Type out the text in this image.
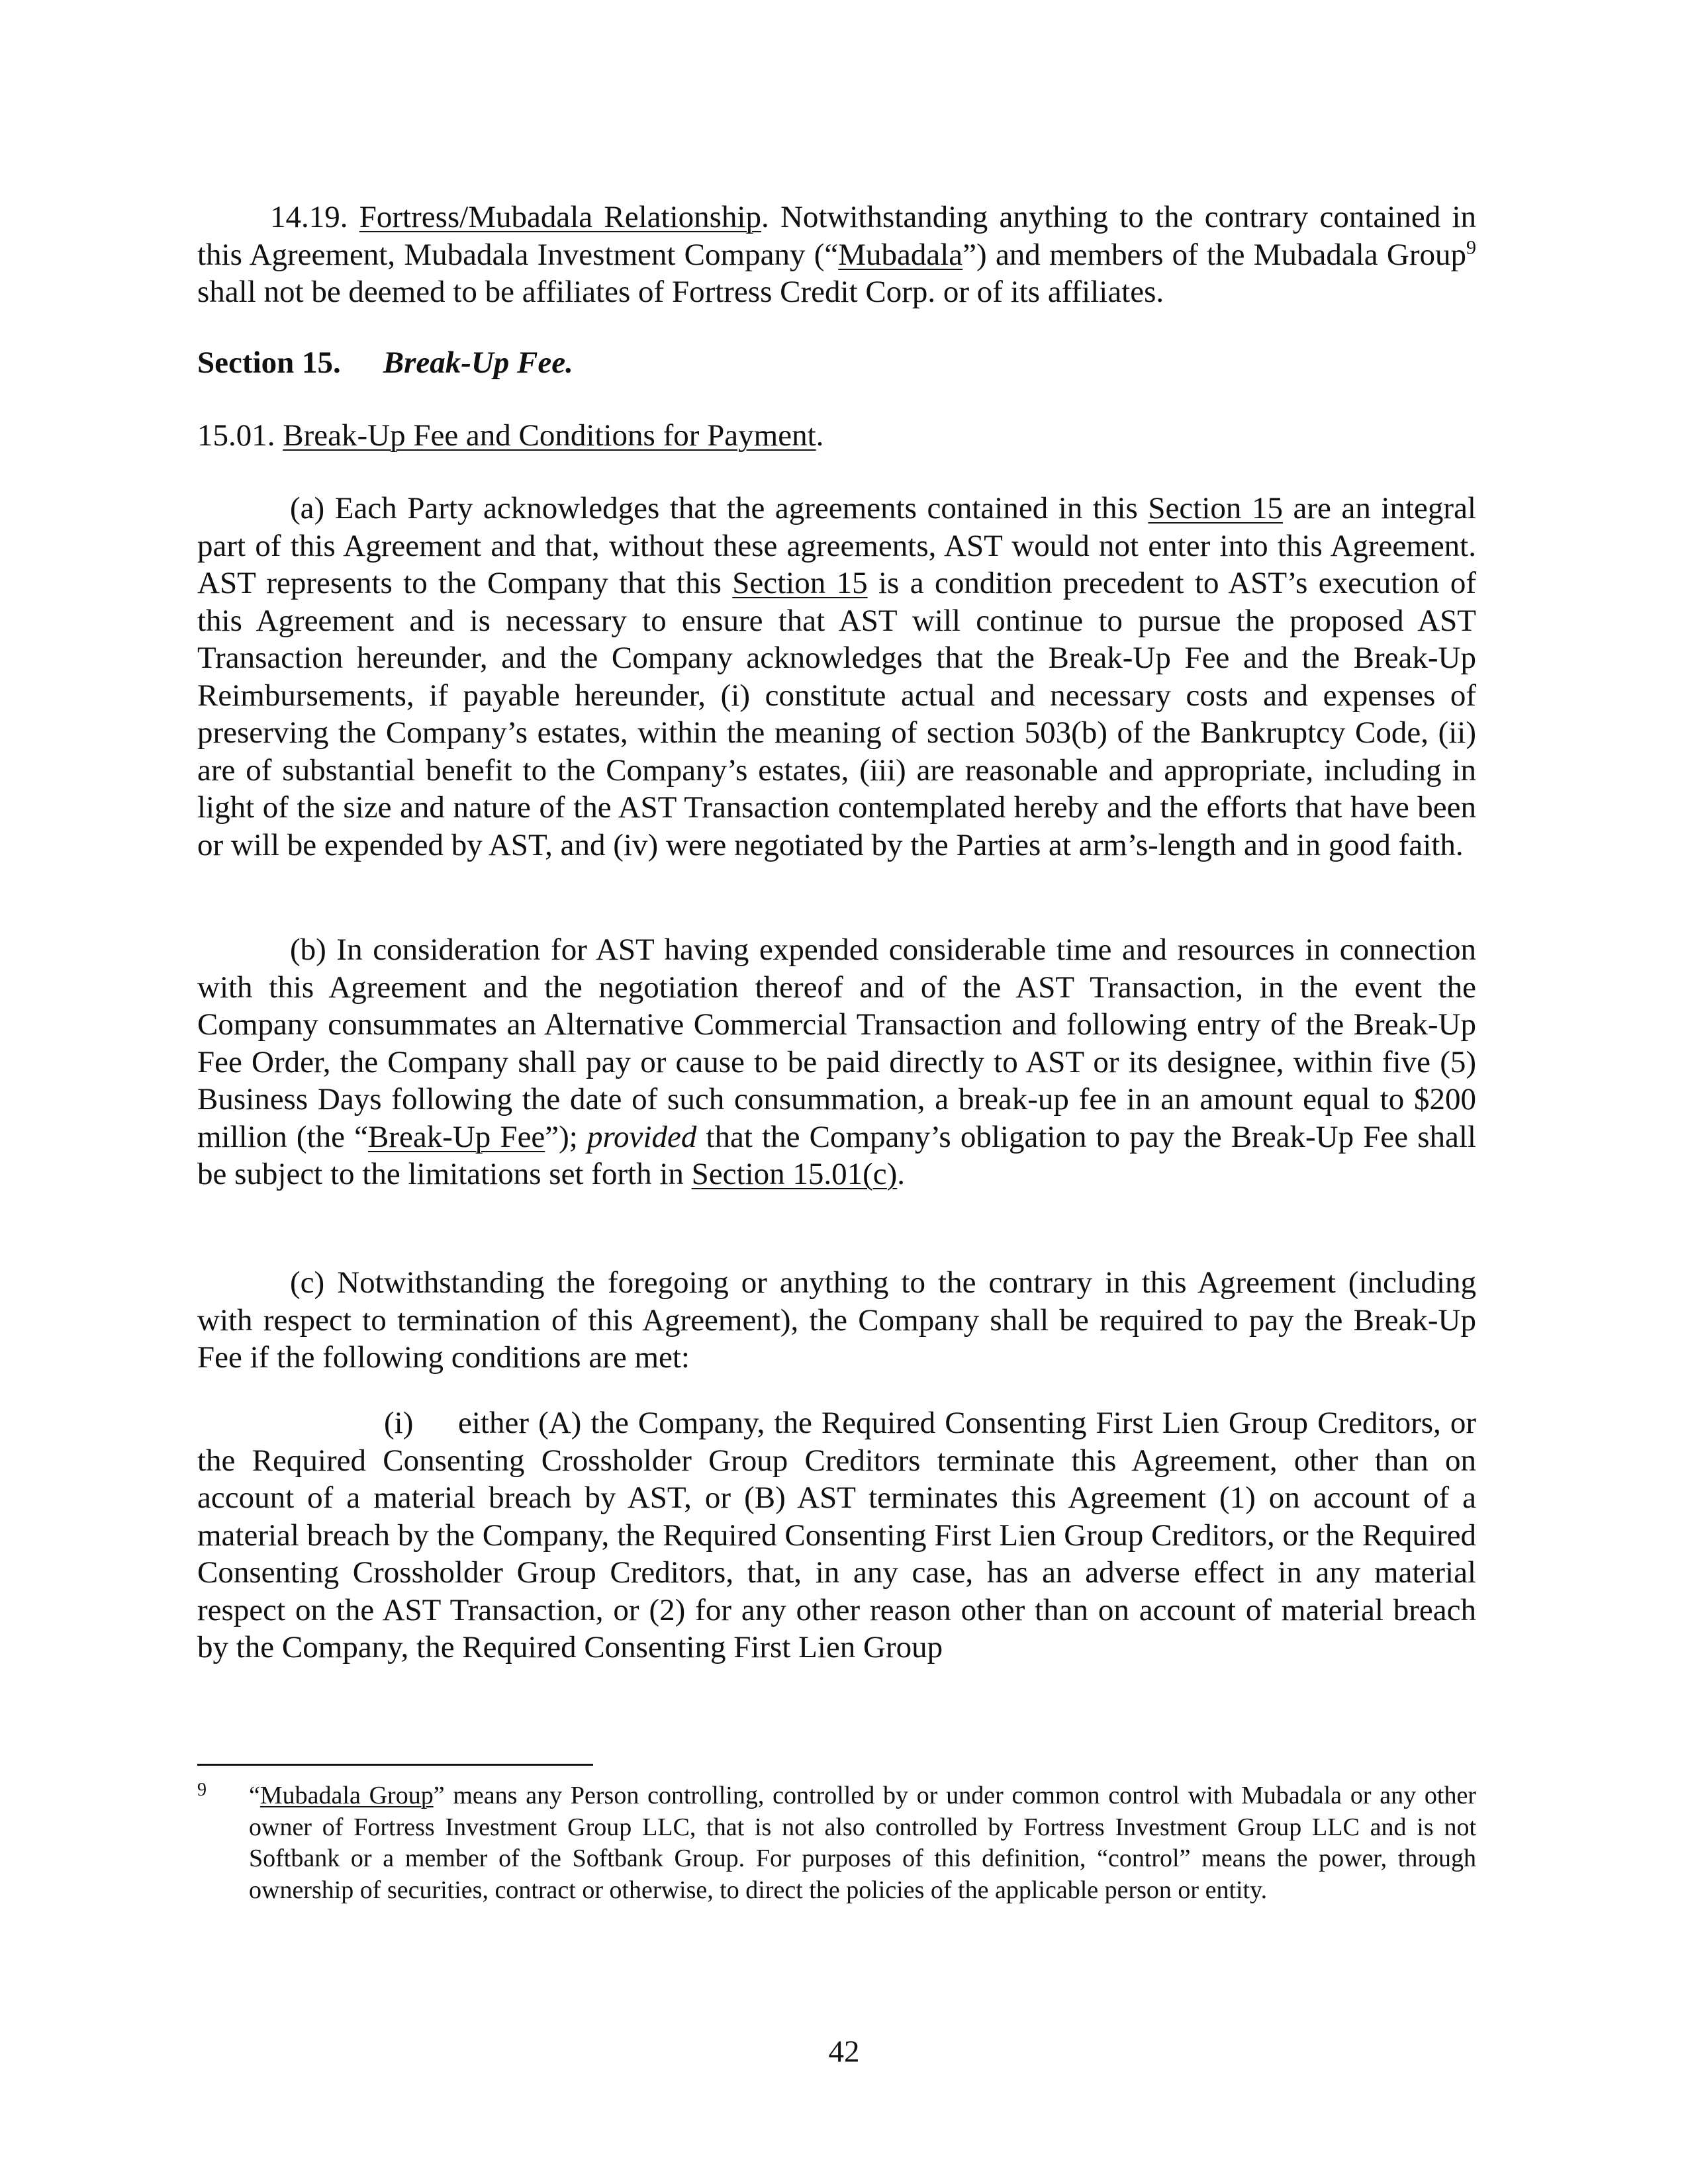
14.19. Fortress/Mubadala Relationship. Notwithstanding anything to the contrary contained in this Agreement, Mubadala Investment Company (“Mubadala”) and members of the Mubadala Group$^9$ shall not be deemed to be affiliates of Fortress Credit Corp. or of its affiliates.
Section 15. Break-Up Fee.
15.01. Break-Up Fee and Conditions for Payment.
(a) Each Party acknowledges that the agreements contained in this Section 15 are an integral part of this Agreement and that, without these agreements, AST would not enter into this Agreement. AST represents to the Company that this Section 15 is a condition precedent to AST’s execution of this Agreement and is necessary to ensure that AST will continue to pursue the proposed AST Transaction hereunder, and the Company acknowledges that the Break-Up Fee and the Break-Up Reimbursements, if payable hereunder, (i) constitute actual and necessary costs and expenses of preserving the Company’s estates, within the meaning of section 503(b) of the Bankruptcy Code, (ii) are of substantial benefit to the Company’s estates, (iii) are reasonable and appropriate, including in light of the size and nature of the AST Transaction contemplated hereby and the efforts that have been or will be expended by AST, and (iv) were negotiated by the Parties at arm’s-length and in good faith.
(b) In consideration for AST having expended considerable time and resources in connection with this Agreement and the negotiation thereof and of the AST Transaction, in the event the Company consummates an Alternative Commercial Transaction and following entry of the Break-Up Fee Order, the Company shall pay or cause to be paid directly to AST or its designee, within five (5) Business Days following the date of such consummation, a break-up fee in an amount equal to $200 million (the “Break-Up Fee”); provided that the Company’s obligation to pay the Break-Up Fee shall be subject to the limitations set forth in Section 15.01(c).
(c) Notwithstanding the foregoing or anything to the contrary in this Agreement (including with respect to termination of this Agreement), the Company shall be required to pay the Break-Up Fee if the following conditions are met:
(i) either (A) the Company, the Required Consenting First Lien Group Creditors, or the Required Consenting Crossholder Group Creditors terminate this Agreement, other than on account of a material breach by AST, or (B) AST terminates this Agreement (1) on account of a material breach by the Company, the Required Consenting First Lien Group Creditors, or the Required Consenting Crossholder Group Creditors, that, in any case, has an adverse effect in any material respect on the AST Transaction, or (2) for any other reason other than on account of material breach by the Company, the Required Consenting First Lien Group
9 “Mubadala Group” means any Person controlling, controlled by or under common control with Mubadala or any other owner of Fortress Investment Group LLC, that is not also controlled by Fortress Investment Group LLC and is not Softbank or a member of the Softbank Group. For purposes of this definition, “control” means the power, through ownership of securities, contract or otherwise, to direct the policies of the applicable person or entity.
42
